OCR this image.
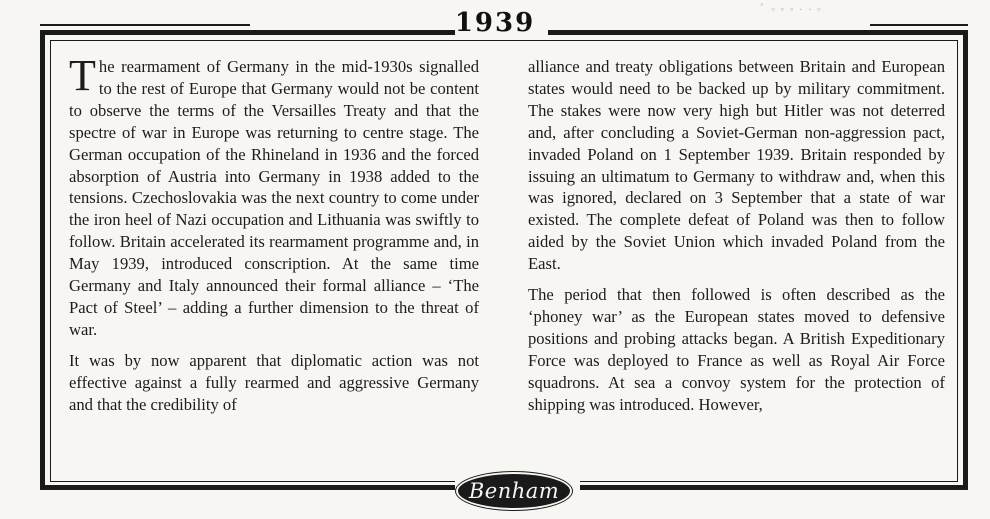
ﾟ ◦ ◦ ◦ · · ◦
1939

The rearmament of Germany in the mid-1930s signalled to the rest of Europe that Germany would not be content to observe the terms of the Versailles Treaty and that the spectre of war in Europe was returning to centre stage. The German occupation of the Rhineland in 1936 and the forced absorption of Austria into Germany in 1938 added to the tensions. Czechoslovakia was the next country to come under the iron heel of Nazi occupation and Lithuania was swiftly to follow. Britain accelerated its rearmament programme and, in May 1939, introduced conscription. At the same time Germany and Italy announced their formal alliance – ‘The Pact of Steel’ – adding a further dimension to the threat of war.

It was by now apparent that diplomatic action was not effective against a fully rearmed and aggressive Germany and that the credibility of

alliance and treaty obligations between Britain and European states would need to be backed up by military commitment. The stakes were now very high but Hitler was not deterred and, after concluding a Soviet-German non-aggression pact, invaded Poland on 1 September 1939. Britain responded by issuing an ultimatum to Germany to withdraw and, when this was ignored, declared on 3 September that a state of war existed. The complete defeat of Poland was then to follow aided by the Soviet Union which invaded Poland from the East.

The period that then followed is often described as the ‘phoney war’ as the European states moved to defensive positions and probing attacks began. A British Expeditionary Force was deployed to France as well as Royal Air Force squadrons. At sea a convoy system for the protection of shipping was introduced. However,

Benham
